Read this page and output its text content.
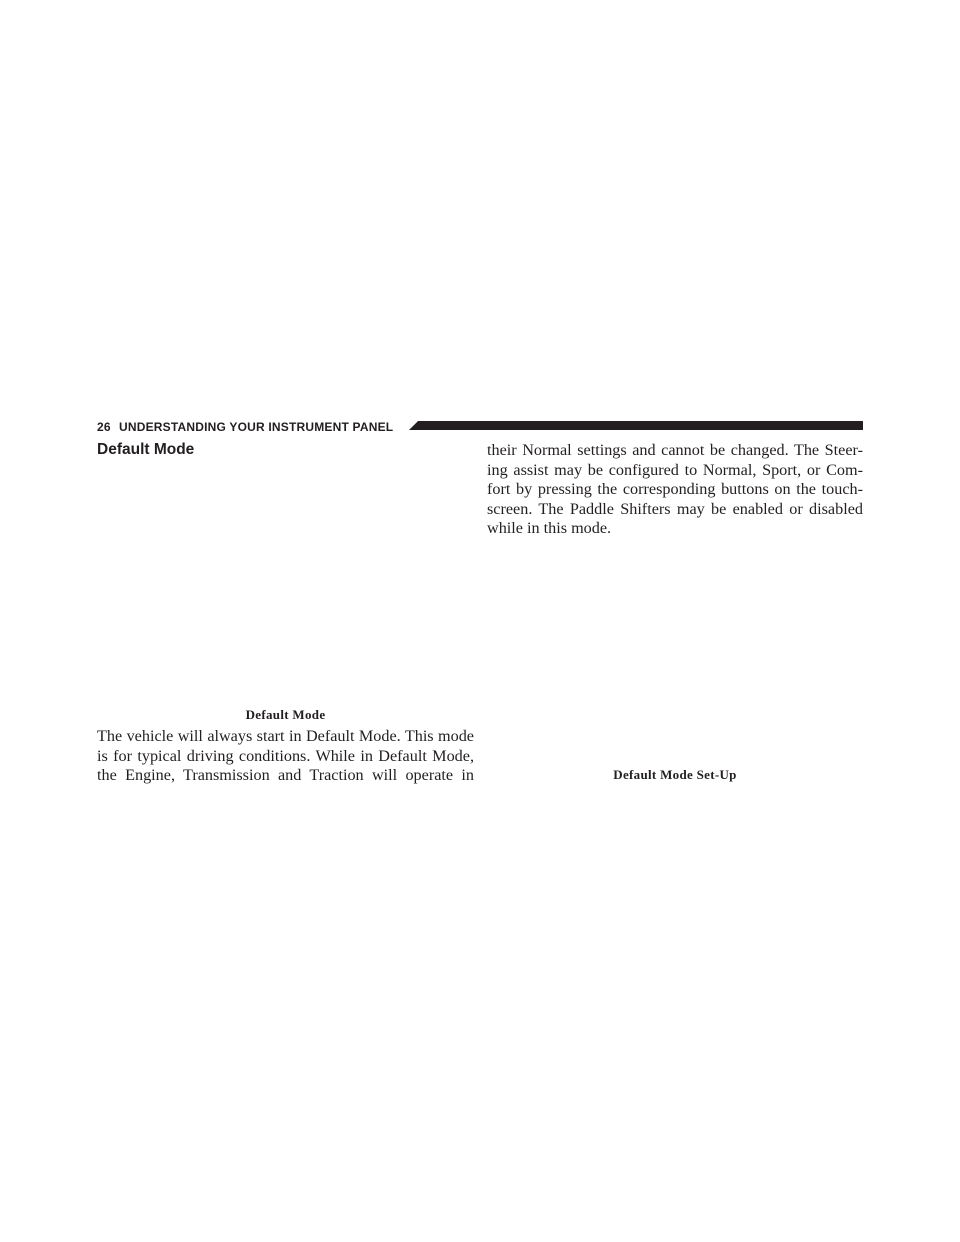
26 UNDERSTANDING YOUR INSTRUMENT PANEL
Default Mode
Default Mode

The vehicle will always start in Default Mode. This mode
is for typical driving conditions. While in Default Mode,
the Engine, Transmission and Traction will operate in

their Normal settings and cannot be changed. The Steer-
ing assist may be configured to Normal, Sport, or Com-
fort by pressing the corresponding buttons on the touch-
screen. The Paddle Shifters may be enabled or disabled
while in this mode.

Default Mode Set-Up
